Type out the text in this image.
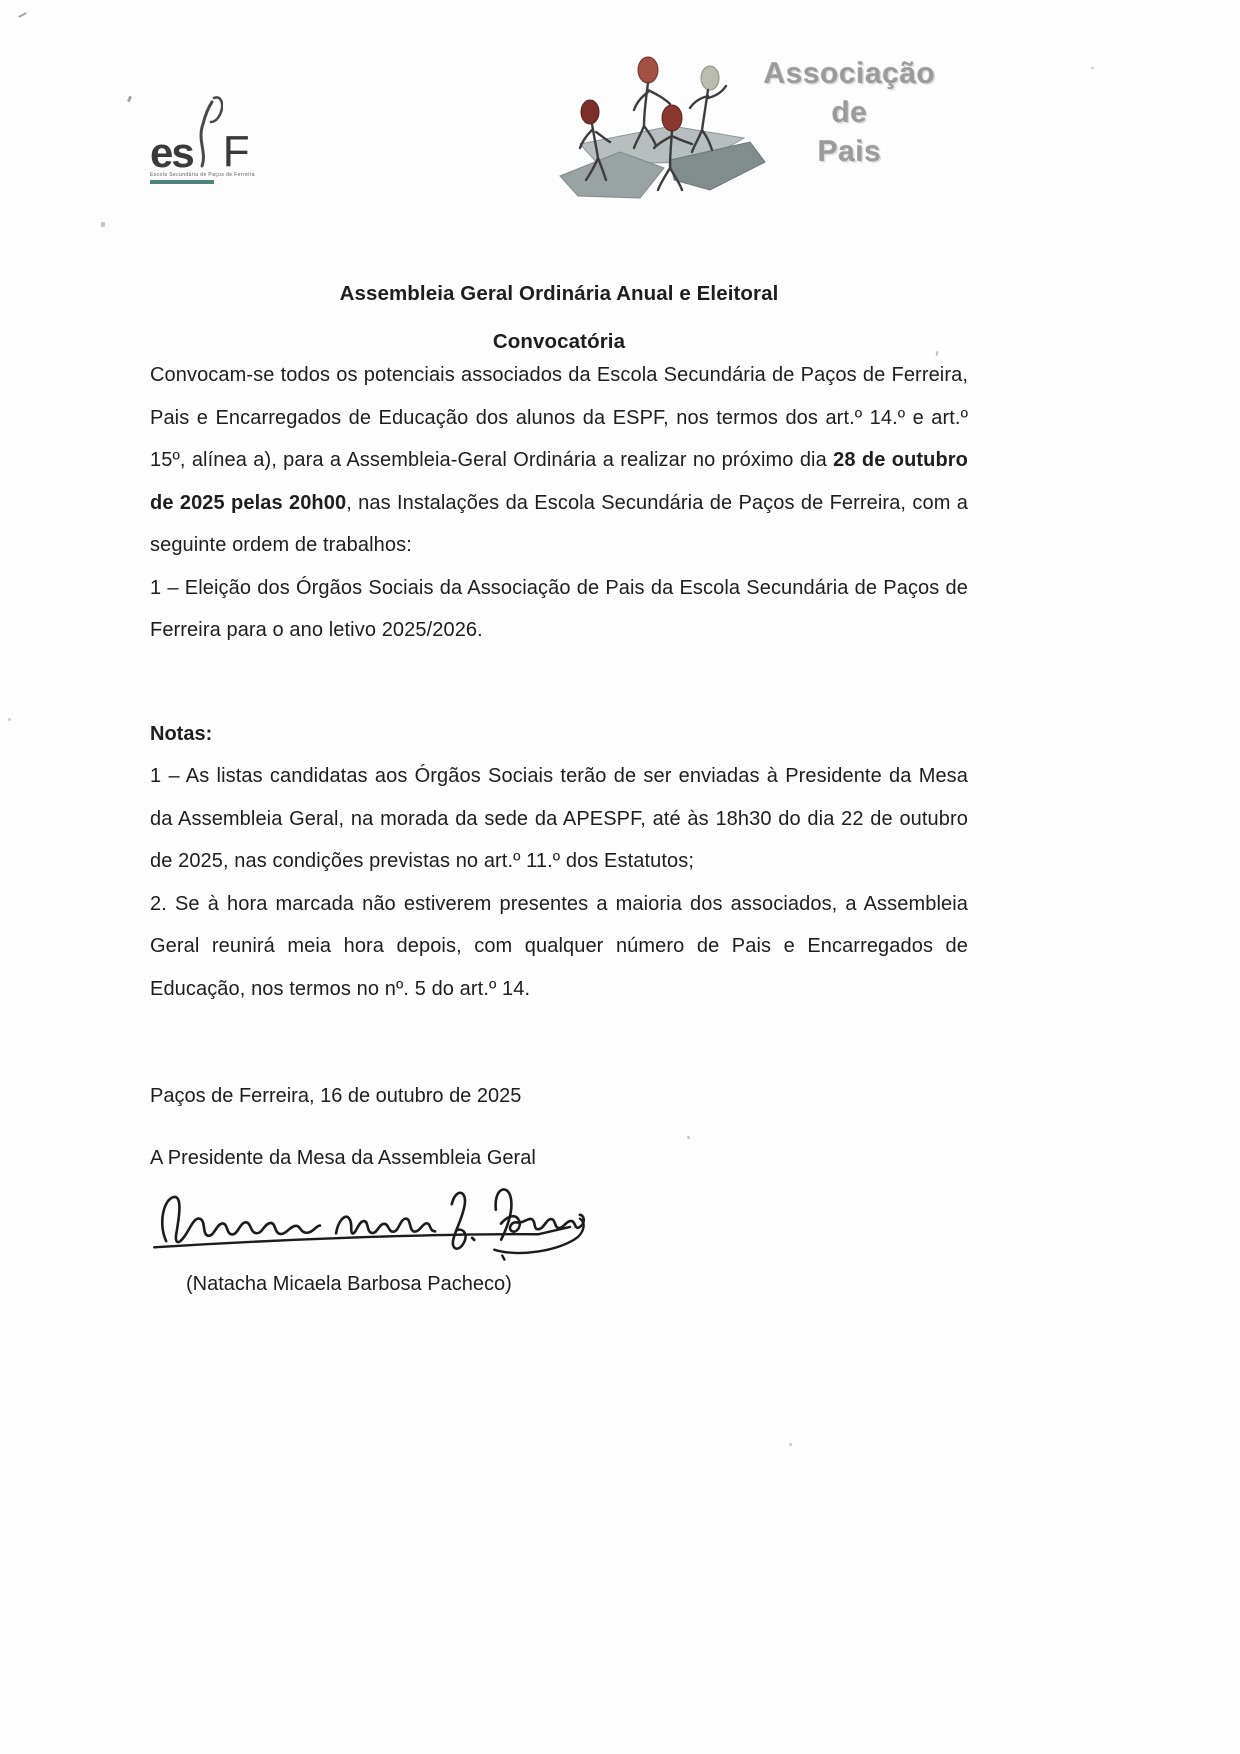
es F
Escola Secundária de Paços de Ferreira
Associação
de
Pais

Assembleia Geral Ordinária Anual e Eleitoral

Convocatória

Convocam-se todos os potenciais associados da Escola Secundária de Paços de Ferreira, Pais e Encarregados de Educação dos alunos da ESPF, nos termos dos art.º 14.º e art.º 15º, alínea a), para a Assembleia-Geral Ordinária a realizar no próximo dia 28 de outubro de 2025 pelas 20h00, nas Instalações da Escola Secundária de Paços de Ferreira, com a seguinte ordem de trabalhos:

1 – Eleição dos Órgãos Sociais da Associação de Pais da Escola Secundária de Paços de Ferreira para o ano letivo 2025/2026.

Notas:

1 – As listas candidatas aos Órgãos Sociais terão de ser enviadas à Presidente da Mesa da Assembleia Geral, na morada da sede da APESPF, até às 18h30 do dia 22 de outubro de 2025, nas condições previstas no art.º 11.º dos Estatutos;

2. Se à hora marcada não estiverem presentes a maioria dos associados, a Assembleia Geral reunirá meia hora depois, com qualquer número de Pais e Encarregados de Educação, nos termos no nº. 5 do art.º 14.

Paços de Ferreira, 16 de outubro de 2025

A Presidente da Mesa da Assembleia Geral

(Natacha Micaela Barbosa Pacheco)
